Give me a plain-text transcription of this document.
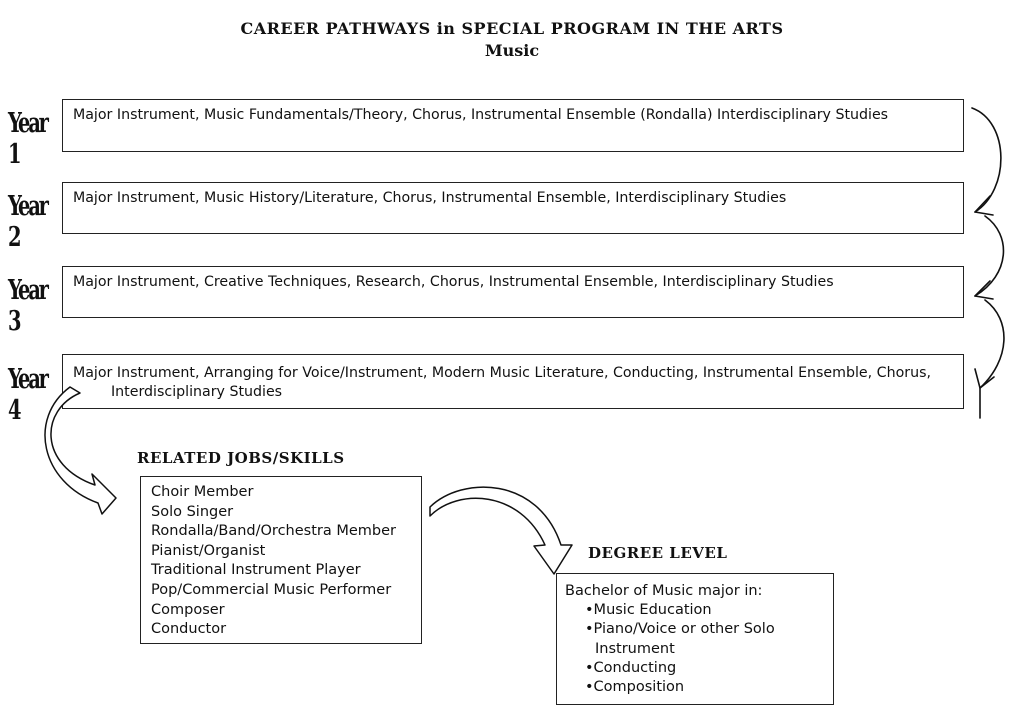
CAREER PATHWAYS in SPECIAL PROGRAM IN THE ARTS
Music
Year 1
Year 2
Year 3
Year 4
Major Instrument, Music Fundamentals/Theory, Chorus, Instrumental Ensemble (Rondalla) Interdisciplinary Studies
Major Instrument, Music History/Literature, Chorus, Instrumental Ensemble, Interdisciplinary Studies
Major Instrument, Creative Techniques, Research, Chorus, Instrumental Ensemble, Interdisciplinary Studies
Major Instrument, Arranging for Voice/Instrument, Modern Music Literature, Conducting, Instrumental Ensemble, Chorus,
Interdisciplinary Studies
RELATED JOBS/SKILLS
DEGREE LEVEL
Choir Member
Solo Singer
Rondalla/Band/Orchestra Member
Pianist/Organist
Traditional Instrument Player
Pop/Commercial Music Performer
Composer
Conductor
Bachelor of Music major in:
•Music Education
•Piano/Voice or other Solo
Instrument
•Conducting
•Composition
